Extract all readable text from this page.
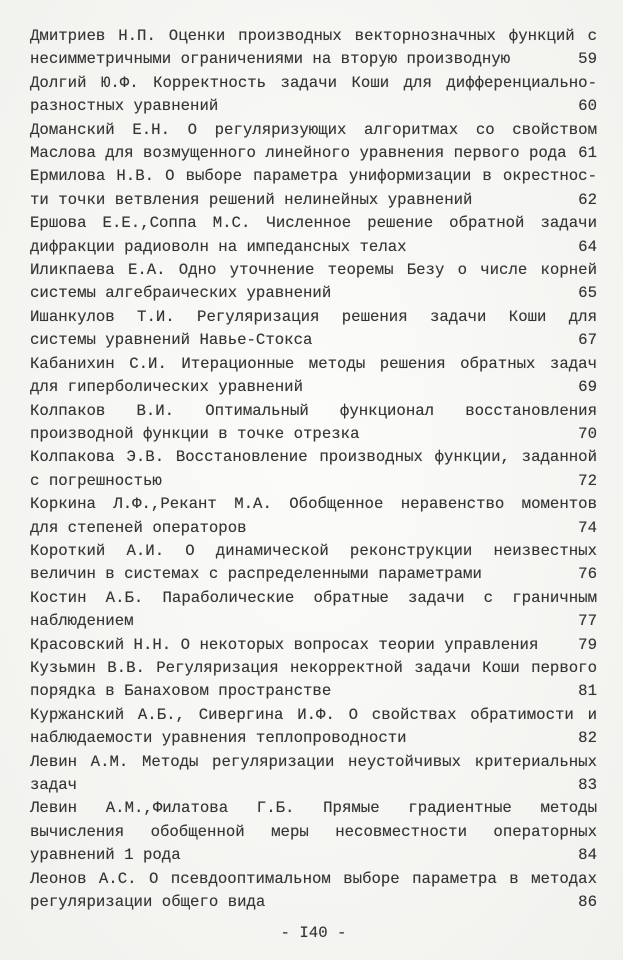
Дмитриев Н.П. Оценки производных векторнозначных функций с
несимметричными ограничениями на вторую производную	59
Долгий Ю.Ф. Корректность задачи Коши для дифференциально-
разностных уравнений	60
Доманский Е.Н. О регуляризующих алгоритмах со свойством
Маслова для возмущенного линейного уравнения первого рода 61
Ермилова Н.В. О выборе параметра униформизации в окрестнос-
ти точки ветвления решений нелинейных уравнений	62
Ершова Е.Е.,Соппа М.С. Численное решение обратной задачи
дифракции радиоволн на импедансных телах	64
Иликпаева Е.А. Одно уточнение теоремы Безу о числе корней
системы алгебраических уравнений	65
Ишанкулов Т.И. Регуляризация решения задачи Коши для
системы уравнений Навье-Стокса	67
Кабанихин С.И. Итерационные методы решения обратных задач
для гиперболических уравнений	69
Колпаков В.И. Оптимальный функционал восстановления
производной функции в точке отрезка	70
Колпакова Э.В. Восстановление производных функции, заданной
с погрешностью	72
Коркина Л.Ф.,Рекант М.А. Обобщенное неравенство моментов
для степеней операторов	74
Короткий А.И. О динамической реконструкции неизвестных
величин в системах с распределенными параметрами	76
Костин А.Б. Параболические обратные задачи с граничным
наблюдением	77
Красовский Н.Н. О некоторых вопросах теории управления	79
Кузьмин В.В. Регуляризация некорректной задачи Коши первого
порядка в Банаховом пространстве	81
Куржанский А.Б., Сивергина И.Ф. О свойствах обратимости и
наблюдаемости уравнения теплопроводности	82
Левин А.М. Методы регуляризации неустойчивых критериальных
задач	83
Левин А.М.,Филатова Г.Б. Прямые градиентные методы
вычисления обобщенной меры несовместности операторных
уравнений 1 рода	84
Леонов А.С. О псевдооптимальном выборе параметра в методах
регуляризации общего вида	86
- I40 -
